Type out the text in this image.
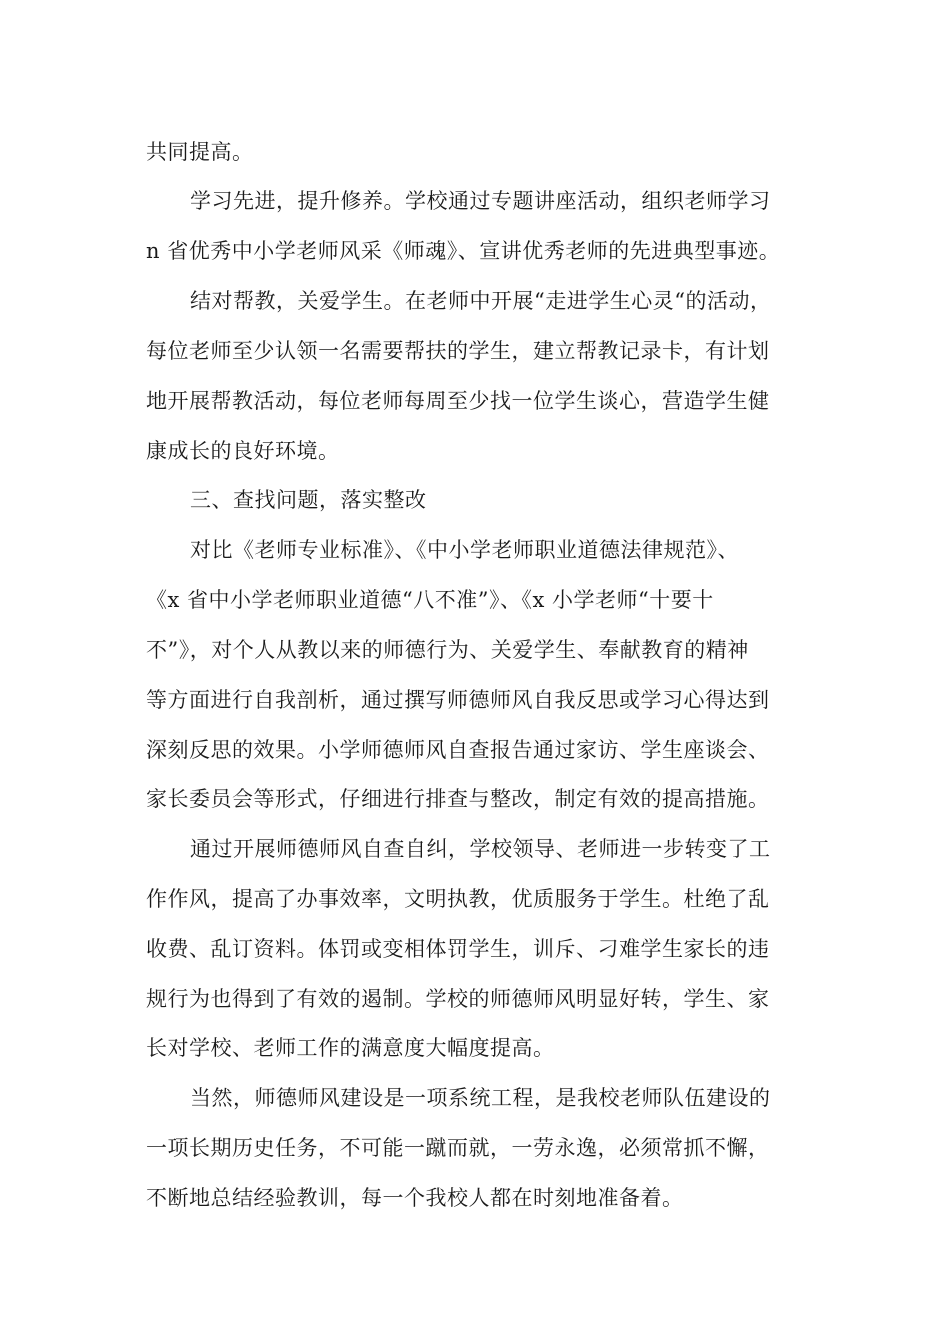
共同提高。
学习先进，提升修养。学校通过专题讲座活动，组织老师学习
n 省优秀中小学老师风采《师魂》、宣讲优秀老师的先进典型事迹。
结对帮教，关爱学生。在老师中开展“走进学生心灵“的活动，
每位老师至少认领一名需要帮扶的学生，建立帮教记录卡，有计划
地开展帮教活动，每位老师每周至少找一位学生谈心，营造学生健
康成长的良好环境。
三、查找问题，落实整改
对比《老师专业标准》、《中小学老师职业道德法律规范》、
《x 省中小学老师职业道德“八不准”》、《x 小学老师“十要十
不”》，对个人从教以来的师德行为、关爱学生、奉献教育的精神
等方面进行自我剖析，通过撰写师德师风自我反思或学习心得达到
深刻反思的效果。小学师德师风自查报告通过家访、学生座谈会、
家长委员会等形式，仔细进行排查与整改，制定有效的提高措施。
通过开展师德师风自查自纠，学校领导、老师进一步转变了工
作作风，提高了办事效率，文明执教，优质服务于学生。杜绝了乱
收费、乱订资料。体罚或变相体罚学生，训斥、刁难学生家长的违
规行为也得到了有效的遏制。学校的师德师风明显好转，学生、家
长对学校、老师工作的满意度大幅度提高。
当然，师德师风建设是一项系统工程，是我校老师队伍建设的
一项长期历史任务，不可能一蹴而就，一劳永逸，必须常抓不懈，
不断地总结经验教训，每一个我校人都在时刻地准备着。
